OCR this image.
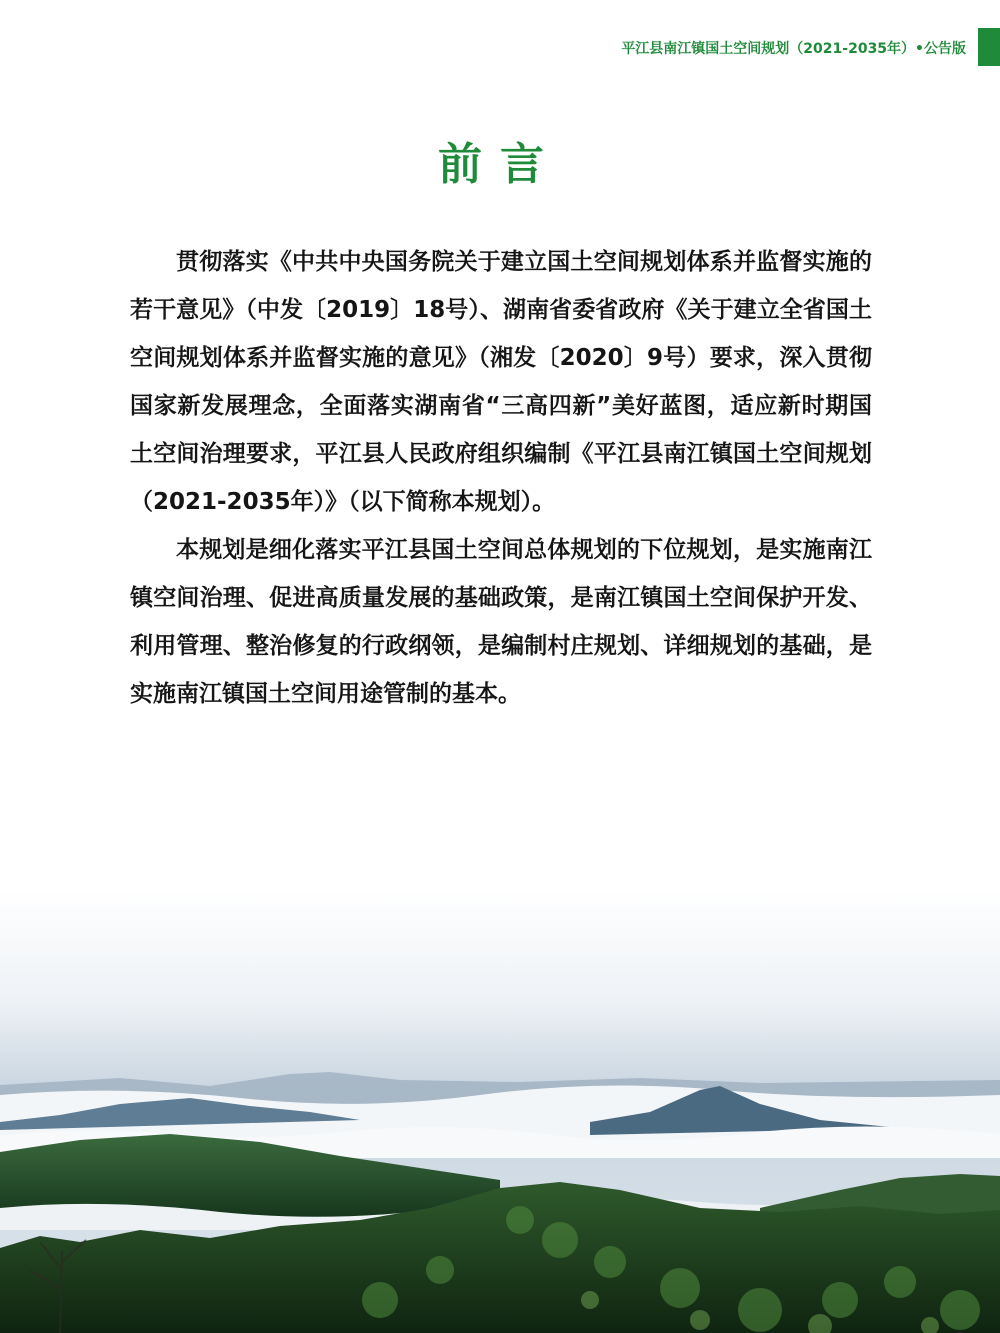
平江县南江镇国土空间规划（2021-2035年）•公告版
前言

贯彻落实《中共中央国务院关于建立国土空间规划体系并监督实施的若干意见》（中发〔2019〕18号）、湖南省委省政府《关于建立全省国土空间规划体系并监督实施的意见》（湘发〔2020〕9号）要求，深入贯彻国家新发展理念，全面落实湖南省“三高四新”美好蓝图，适应新时期国土空间治理要求，平江县人民政府组织编制《平江县南江镇国土空间规划（2021-2035年）》（以下简称本规划）。

本规划是细化落实平江县国土空间总体规划的下位规划，是实施南江镇空间治理、促进高质量发展的基础政策，是南江镇国土空间保护开发、利用管理、整治修复的行政纲领，是编制村庄规划、详细规划的基础，是实施南江镇国土空间用途管制的基本。
